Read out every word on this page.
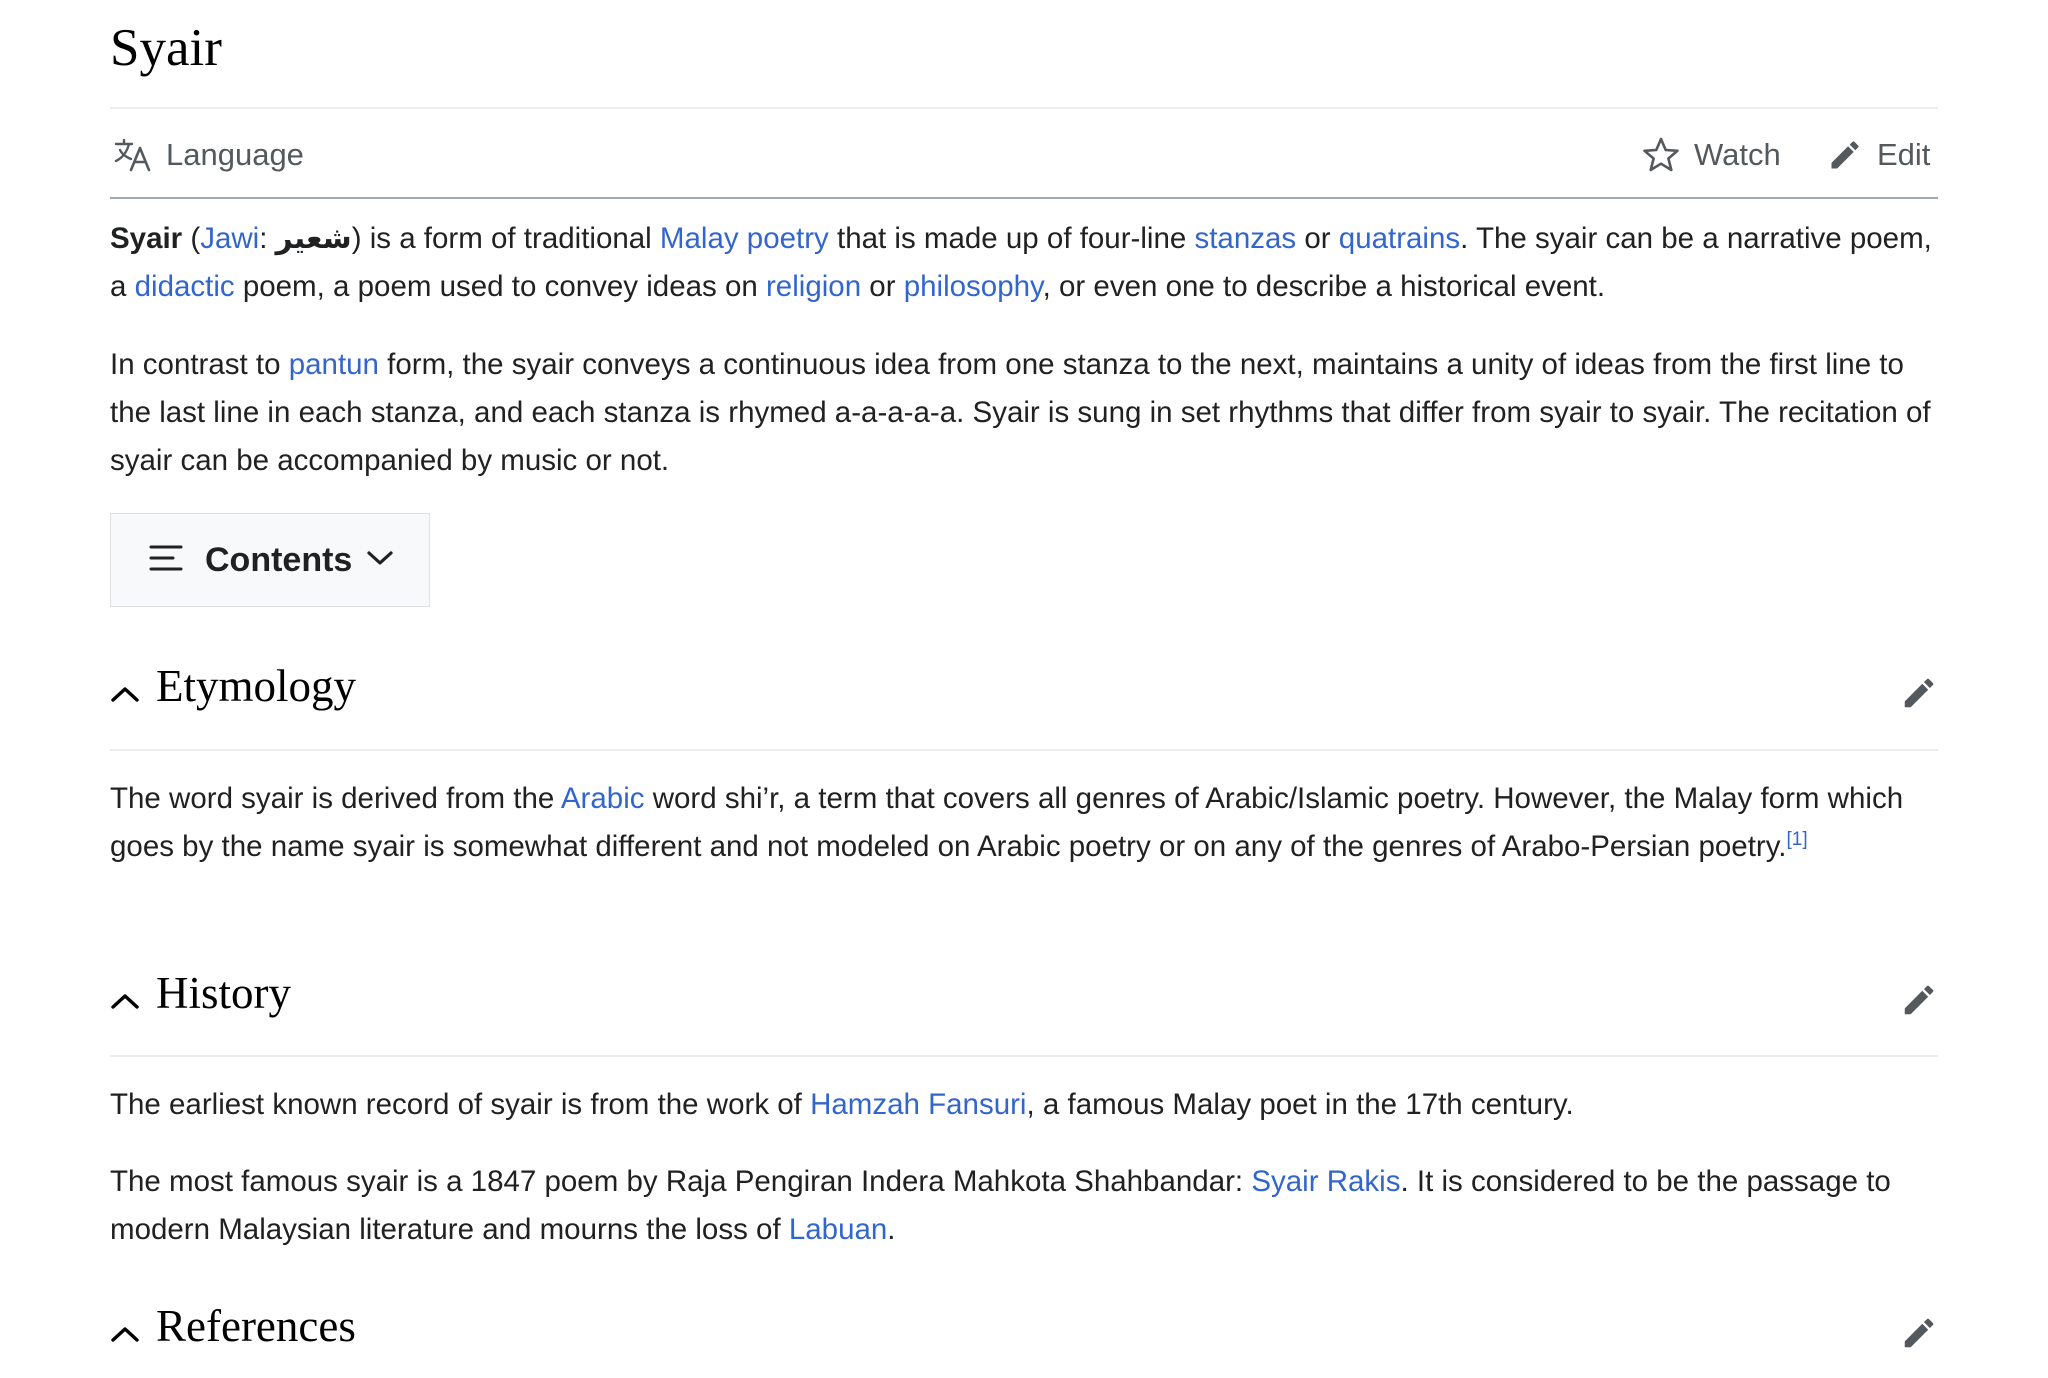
Syair
Language	Watch	Edit

Syair (Jawi: شعير) is a form of traditional Malay poetry that is made up of four-line stanzas or quatrains. The syair can be a narrative poem, a didactic poem, a poem used to convey ideas on religion or philosophy, or even one to describe a historical event.

In contrast to pantun form, the syair conveys a continuous idea from one stanza to the next, maintains a unity of ideas from the first line to the last line in each stanza, and each stanza is rhymed a-a-a-a-a. Syair is sung in set rhythms that differ from syair to syair. The recitation of syair can be accompanied by music or not.

Contents
Etymology

The word syair is derived from the Arabic word shi’r, a term that covers all genres of Arabic/Islamic poetry. However, the Malay form which goes by the name syair is somewhat different and not modeled on Arabic poetry or on any of the genres of Arabo-Persian poetry.[1]

History

The earliest known record of syair is from the work of Hamzah Fansuri, a famous Malay poet in the 17th century.

The most famous syair is a 1847 poem by Raja Pengiran Indera Mahkota Shahbandar: Syair Rakis. It is considered to be the passage to modern Malaysian literature and mourns the loss of Labuan.

References
